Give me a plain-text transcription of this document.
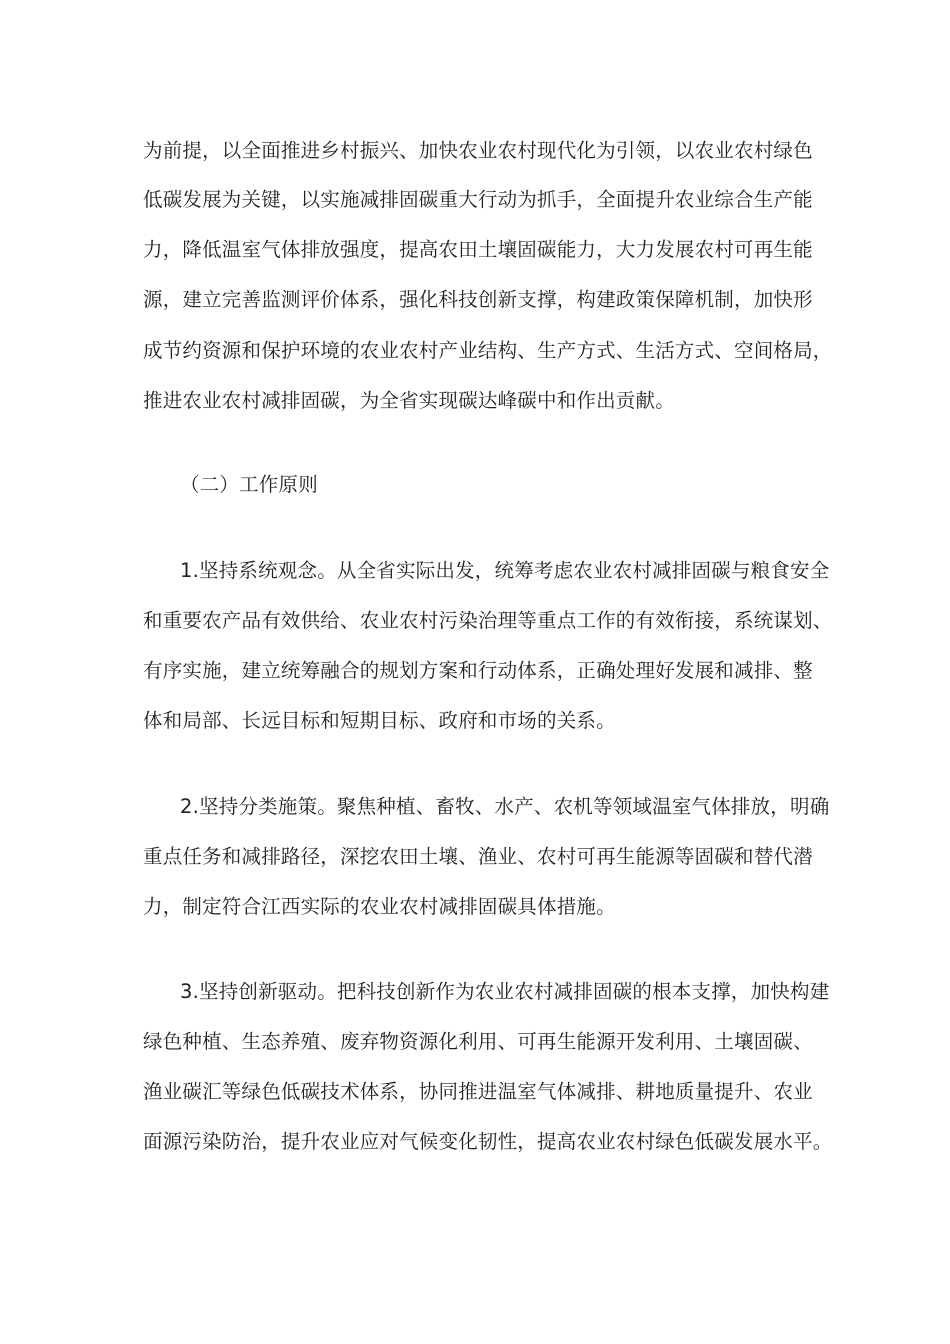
为前提，以全面推进乡村振兴、加快农业农村现代化为引领，以农业农村绿色
低碳发展为关键，以实施减排固碳重大行动为抓手，全面提升农业综合生产能
力，降低温室气体排放强度，提高农田土壤固碳能力，大力发展农村可再生能
源，建立完善监测评价体系，强化科技创新支撑，构建政策保障机制，加快形
成节约资源和保护环境的农业农村产业结构、生产方式、生活方式、空间格局，
推进农业农村减排固碳，为全省实现碳达峰碳中和作出贡献。
（二）工作原则
1.坚持系统观念。从全省实际出发，统筹考虑农业农村减排固碳与粮食安全
和重要农产品有效供给、农业农村污染治理等重点工作的有效衔接，系统谋划、
有序实施，建立统筹融合的规划方案和行动体系，正确处理好发展和减排、整
体和局部、长远目标和短期目标、政府和市场的关系。
2.坚持分类施策。聚焦种植、畜牧、水产、农机等领域温室气体排放，明确
重点任务和减排路径，深挖农田土壤、渔业、农村可再生能源等固碳和替代潜
力，制定符合江西实际的农业农村减排固碳具体措施。
3.坚持创新驱动。把科技创新作为农业农村减排固碳的根本支撑，加快构建
绿色种植、生态养殖、废弃物资源化利用、可再生能源开发利用、土壤固碳、
渔业碳汇等绿色低碳技术体系，协同推进温室气体减排、耕地质量提升、农业
面源污染防治，提升农业应对气候变化韧性，提高农业农村绿色低碳发展水平。
